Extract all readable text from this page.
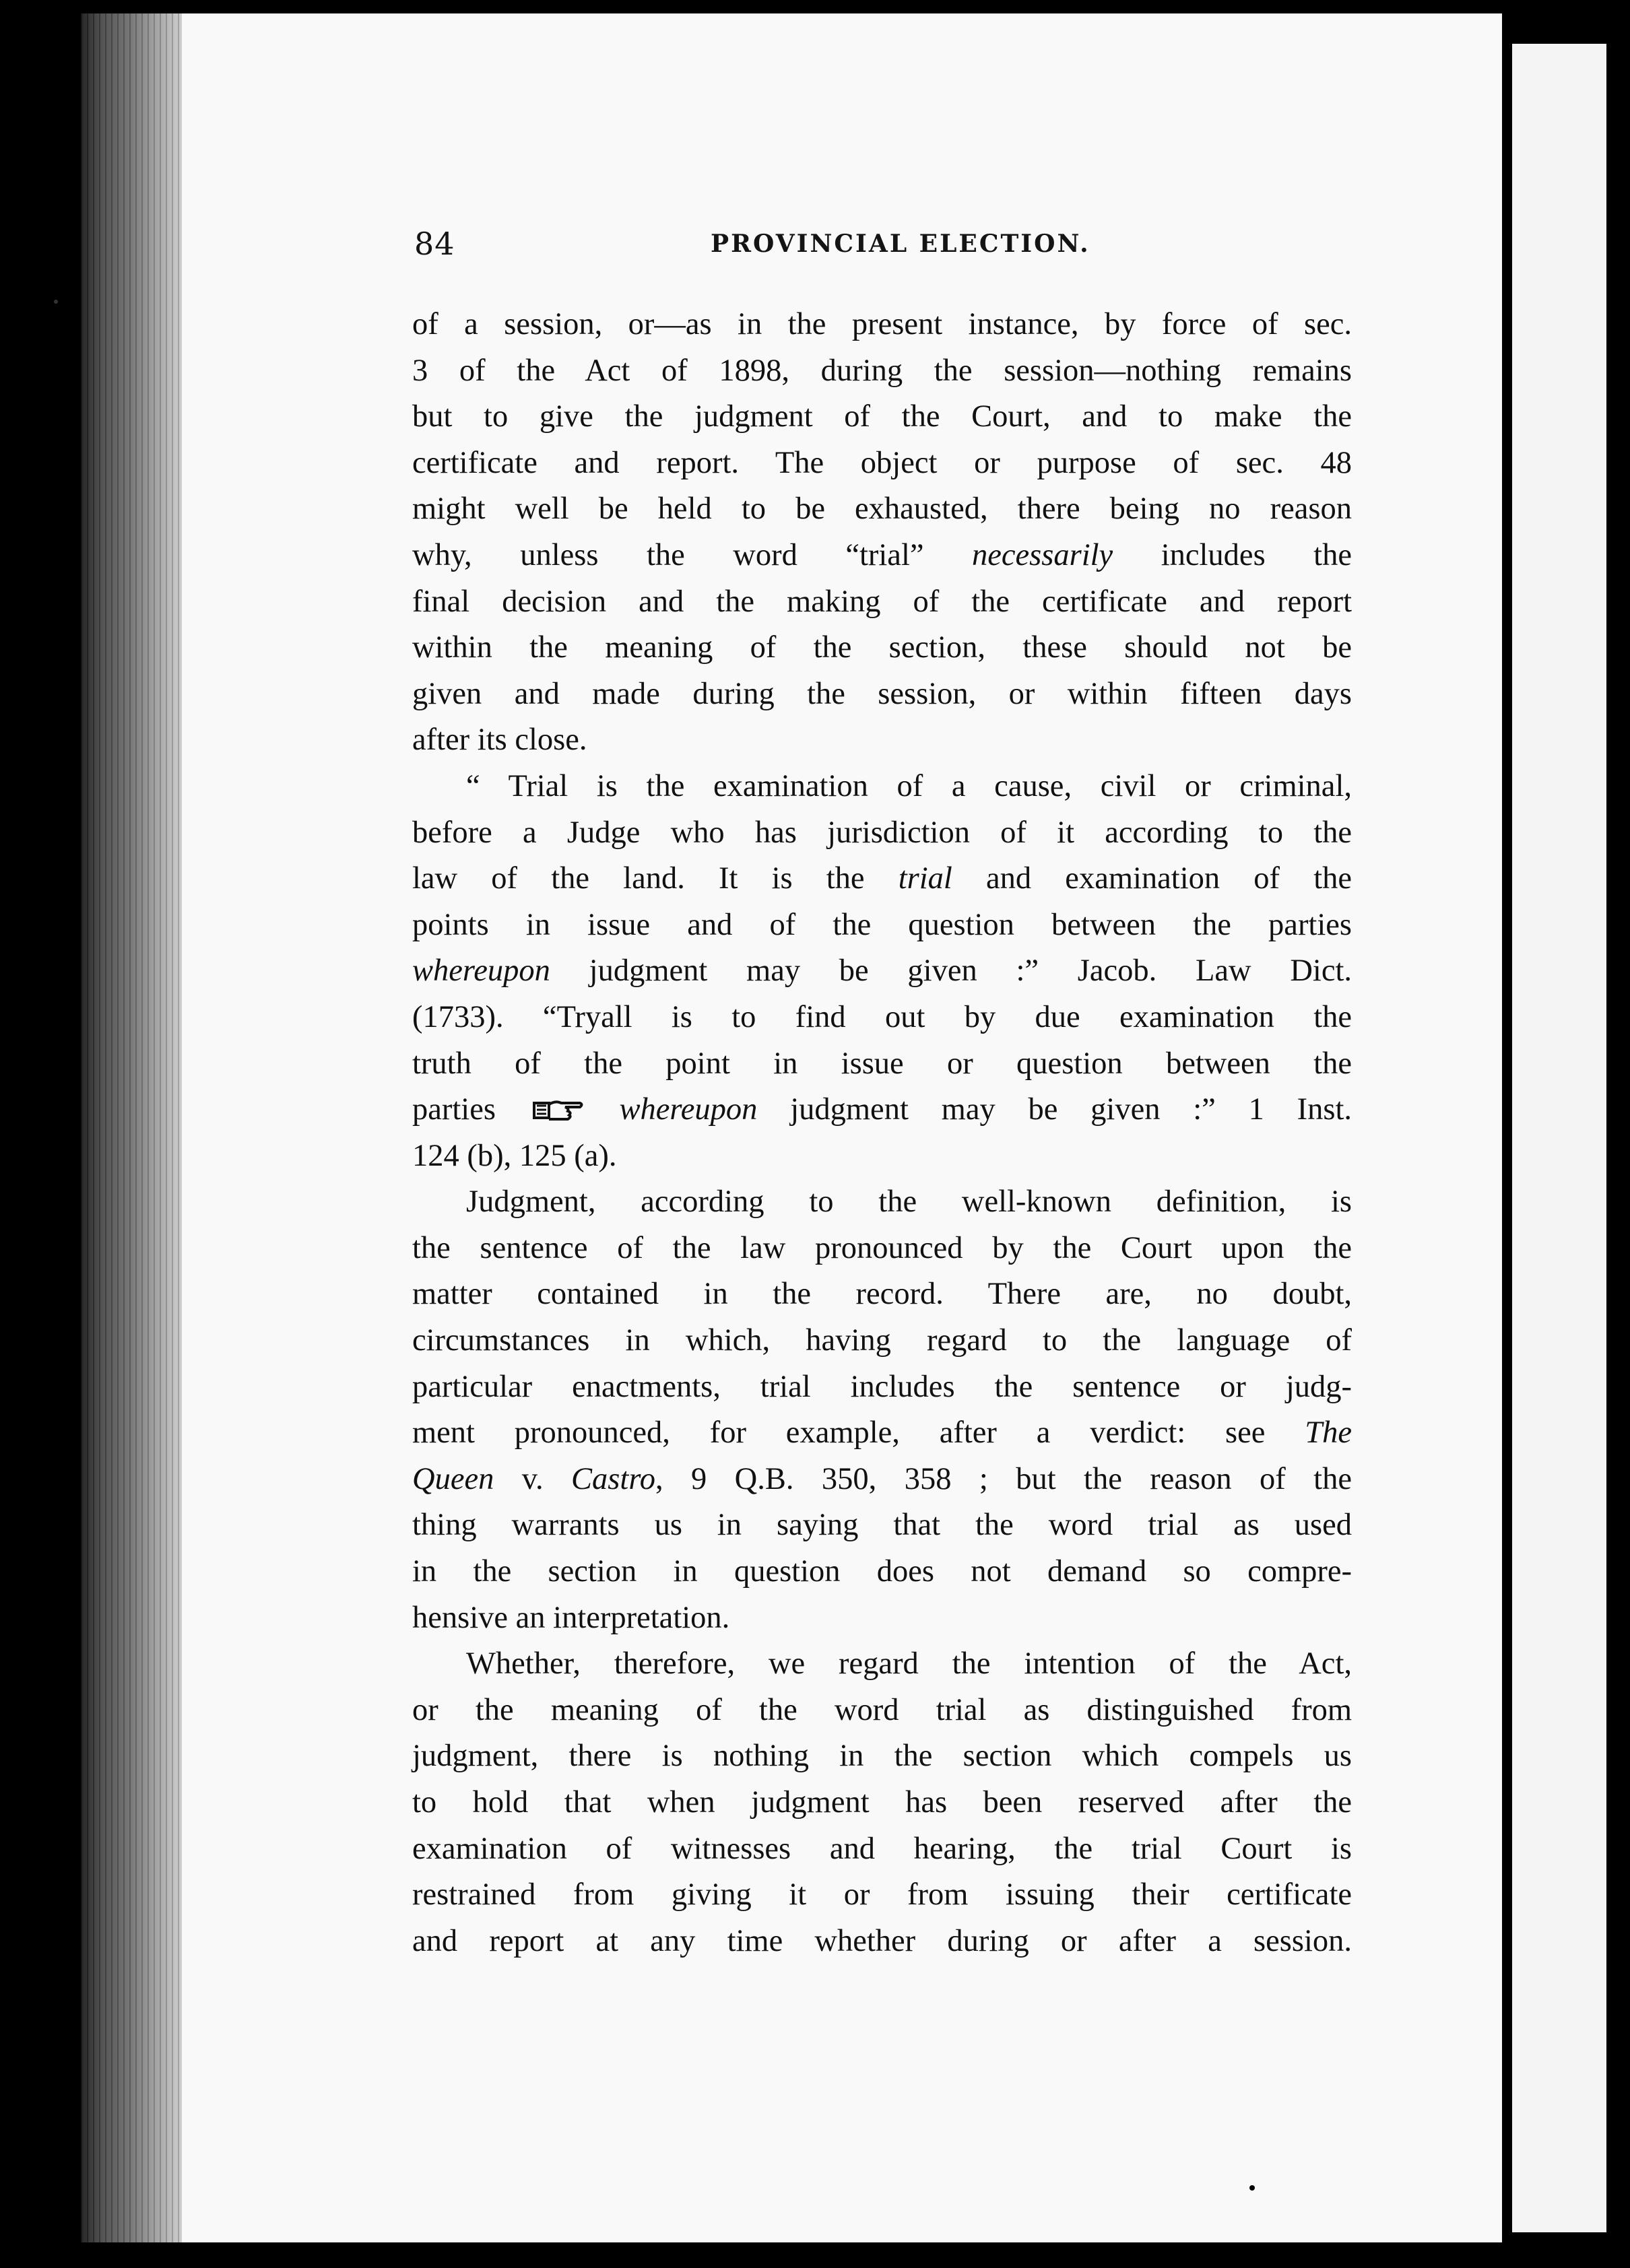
84	PROVINCIAL ELECTION.
of a session, or—as in the present instance, by force of sec.
3 of the Act of 1898, during the session—nothing remains
but to give the judgment of the Court, and to make the
certificate and report. The object or purpose of sec. 48
might well be held to be exhausted, there being no reason
why, unless the word “trial” necessarily includes the
final decision and the making of the certificate and report
within the meaning of the section, these should not be
given and made during the session, or within fifteen days
after its close.
“ Trial is the examination of a cause, civil or criminal,
before a Judge who has jurisdiction of it according to the
law of the land. It is the trial and examination of the
points in issue and of the question between the parties
whereupon judgment may be given :” Jacob. Law Dict.
(1733). “Tryall is to find out by due examination the
truth of the point in issue or question between the
parties	whereupon judgment may be given :” 1 Inst.
124 (b), 125 (a).
Judgment, according to the well-known definition, is
the sentence of the law pronounced by the Court upon the
matter contained in the record. There are, no doubt,
circumstances in which, having regard to the language of
particular enactments, trial includes the sentence or judg-
ment pronounced, for example, after a verdict: see The
Queen v. Castro, 9 Q.B. 350, 358 ; but the reason of the
thing warrants us in saying that the word trial as used
in the section in question does not demand so compre-
hensive an interpretation.
Whether, therefore, we regard the intention of the Act,
or the meaning of the word trial as distinguished from
judgment, there is nothing in the section which compels us
to hold that when judgment has been reserved after the
examination of witnesses and hearing, the trial Court is
restrained from giving it or from issuing their certificate
and report at any time whether during or after a session.
